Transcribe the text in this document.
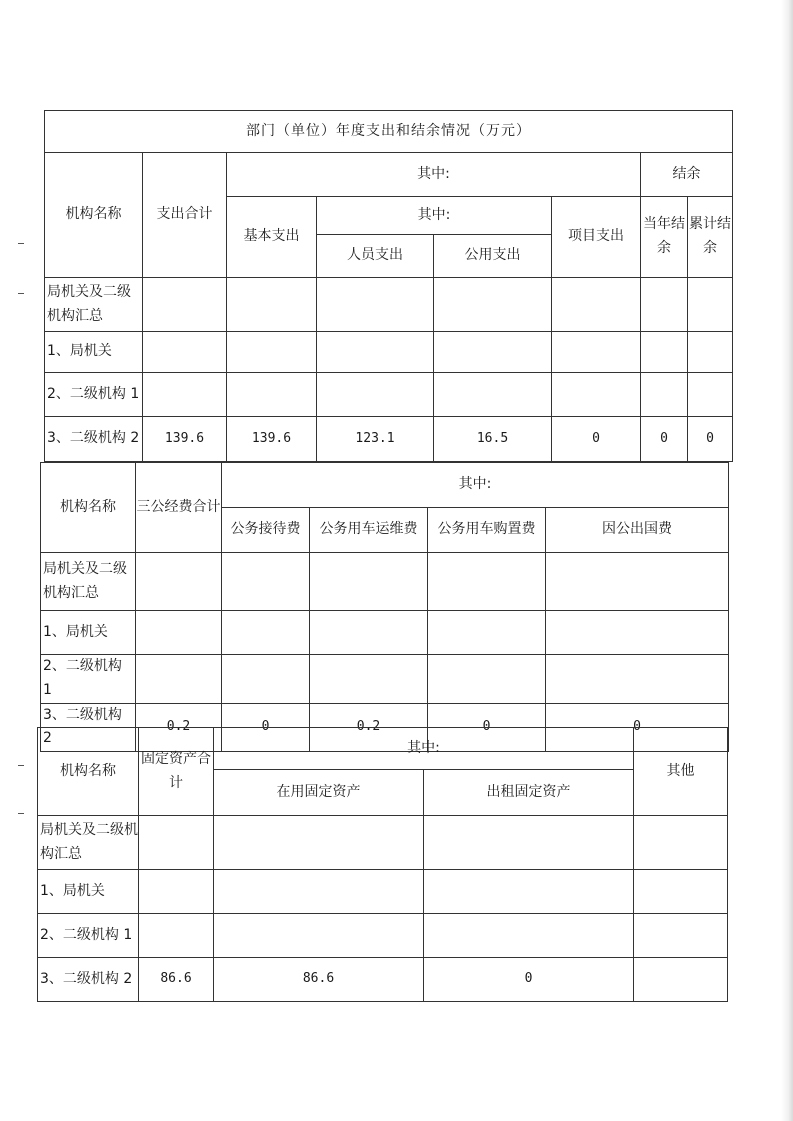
部门（单位）年度支出和结余情况（万元）							
机构名称	支出合计	其中:				结余	
		基本支出	其中:		项目支出	当年结余	累计结余
			人员支出	公用支出			
局机关及二级机构汇总							
1、局机关							
2、二级机构 1							
3、二级机构 2	139.6	139.6	123.1	16.5	0	0	0
机构名称	三公经费合计	其中:			
		公务接待费	公务用车运维费	公务用车购置费	因公出国费
局机关及二级机构汇总					
1、局机关					
2、二级机构 1					
3、二级机构 2	0.2	0	0.2	0	0
机构名称	固定资产合计	其中:		其他
		在用固定资产	出租固定资产	
局机关及二级机构汇总				
1、局机关				
2、二级机构 1				
3、二级机构 2	86.6	86.6	0	
